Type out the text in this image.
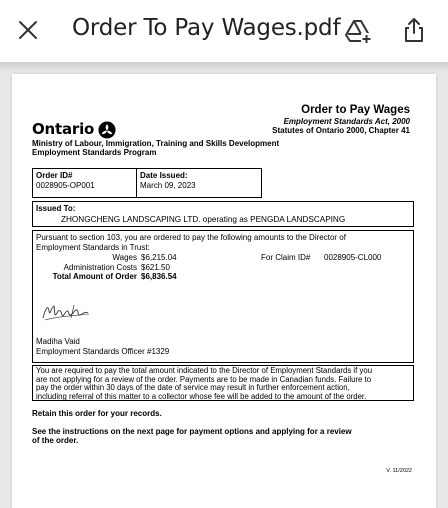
Order To Pay Wages.pdf
Ontario
Order to Pay Wages
Employment Standards Act, 2000
Statutes of Ontario 2000, Chapter 41
Ministry of Labour, Immigration, Training and Skills Development
Employment Standards Program
Order ID#
0028905-OP001
Date Issued:
March 09, 2023
Issued To:
ZHONGCHENG LANDSCAPING LTD. operating as PENGDA LANDSCAPING
Pursuant to section 103, you are ordered to pay the following amounts to the Director of
Employment Standards in Trust:
Wages $6,215.04	For Claim ID# 0028905-CL000
Administration Costs $621.50
Total Amount of Order $6,836.54
Madiha Vaid
Employment Standards Officer #1329
You are required to pay the total amount indicated to the Director of Employment Standards if you
are not applying for a review of the order. Payments are to be made in Canadian funds. Failure to
pay the order within 30 days of the date of service may result in further enforcement action,
including referral of this matter to a collector whose fee will be added to the amount of the order.
Retain this order for your records.
See the instructions on the next page for payment options and applying for a review
of the order.
V. 11/2022
